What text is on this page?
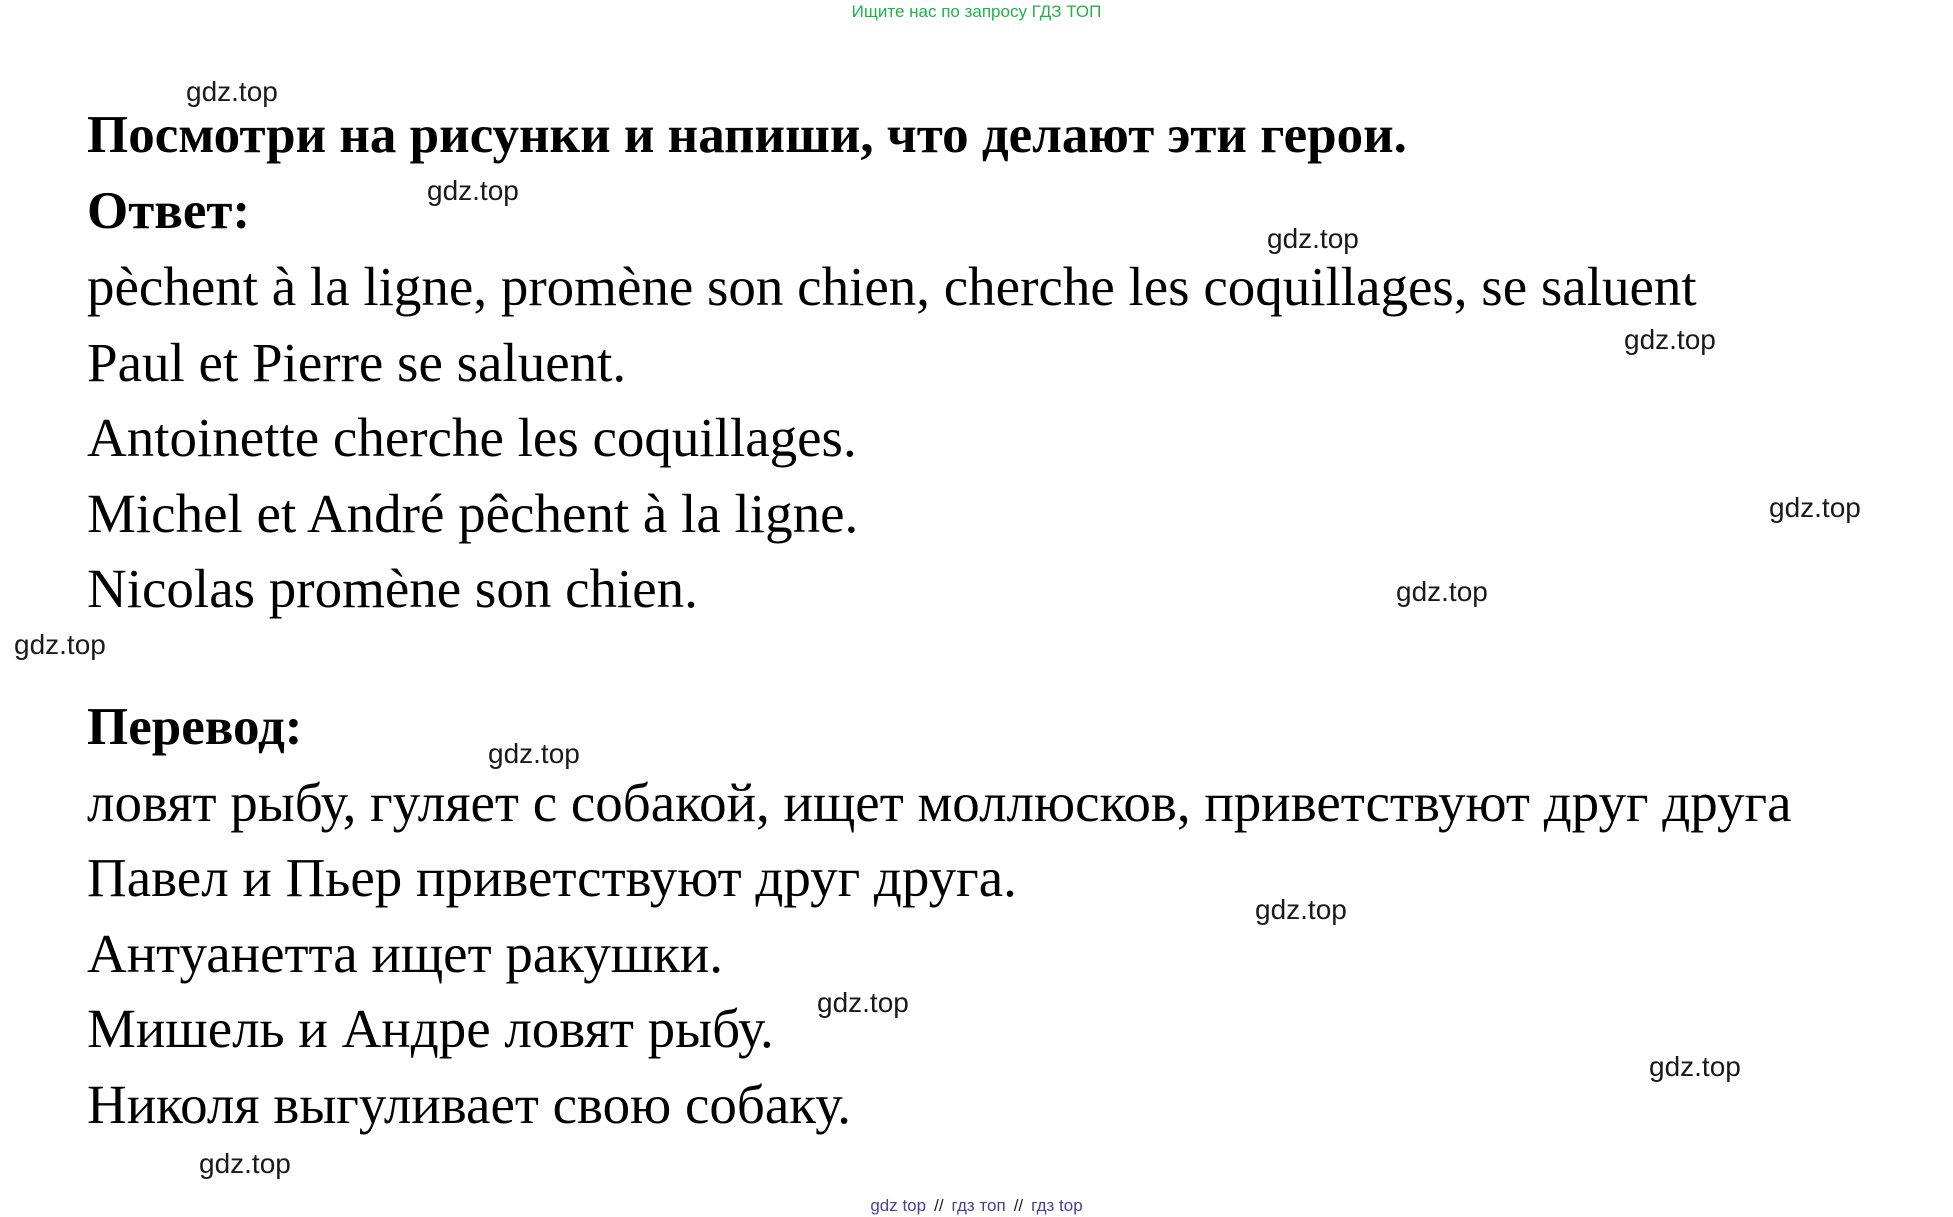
Ищите нас по запросу ГДЗ ТОП
Посмотри на рисунки и напиши, что делают эти герои.
Ответ:
pèchent à la ligne, promène son chien, cherche les coquillages, se saluent
Paul et Pierre se saluent.
Antoinette cherche les coquillages.
Michel et André pêchent à la ligne.
Nicolas promène son chien.
Перевод:
ловят рыбу, гуляет с собакой, ищет моллюсков, приветствуют друг друга
Павел и Пьер приветствуют друг друга.
Антуанетта ищет ракушки.
Мишель и Андре ловят рыбу.
Николя выгуливает свою собаку.
gdz.top
gdz.top
gdz.top
gdz.top
gdz.top
gdz.top
gdz.top
gdz.top
gdz.top
gdz.top
gdz.top
gdz.top
gdz top // гдз топ // гдз top
